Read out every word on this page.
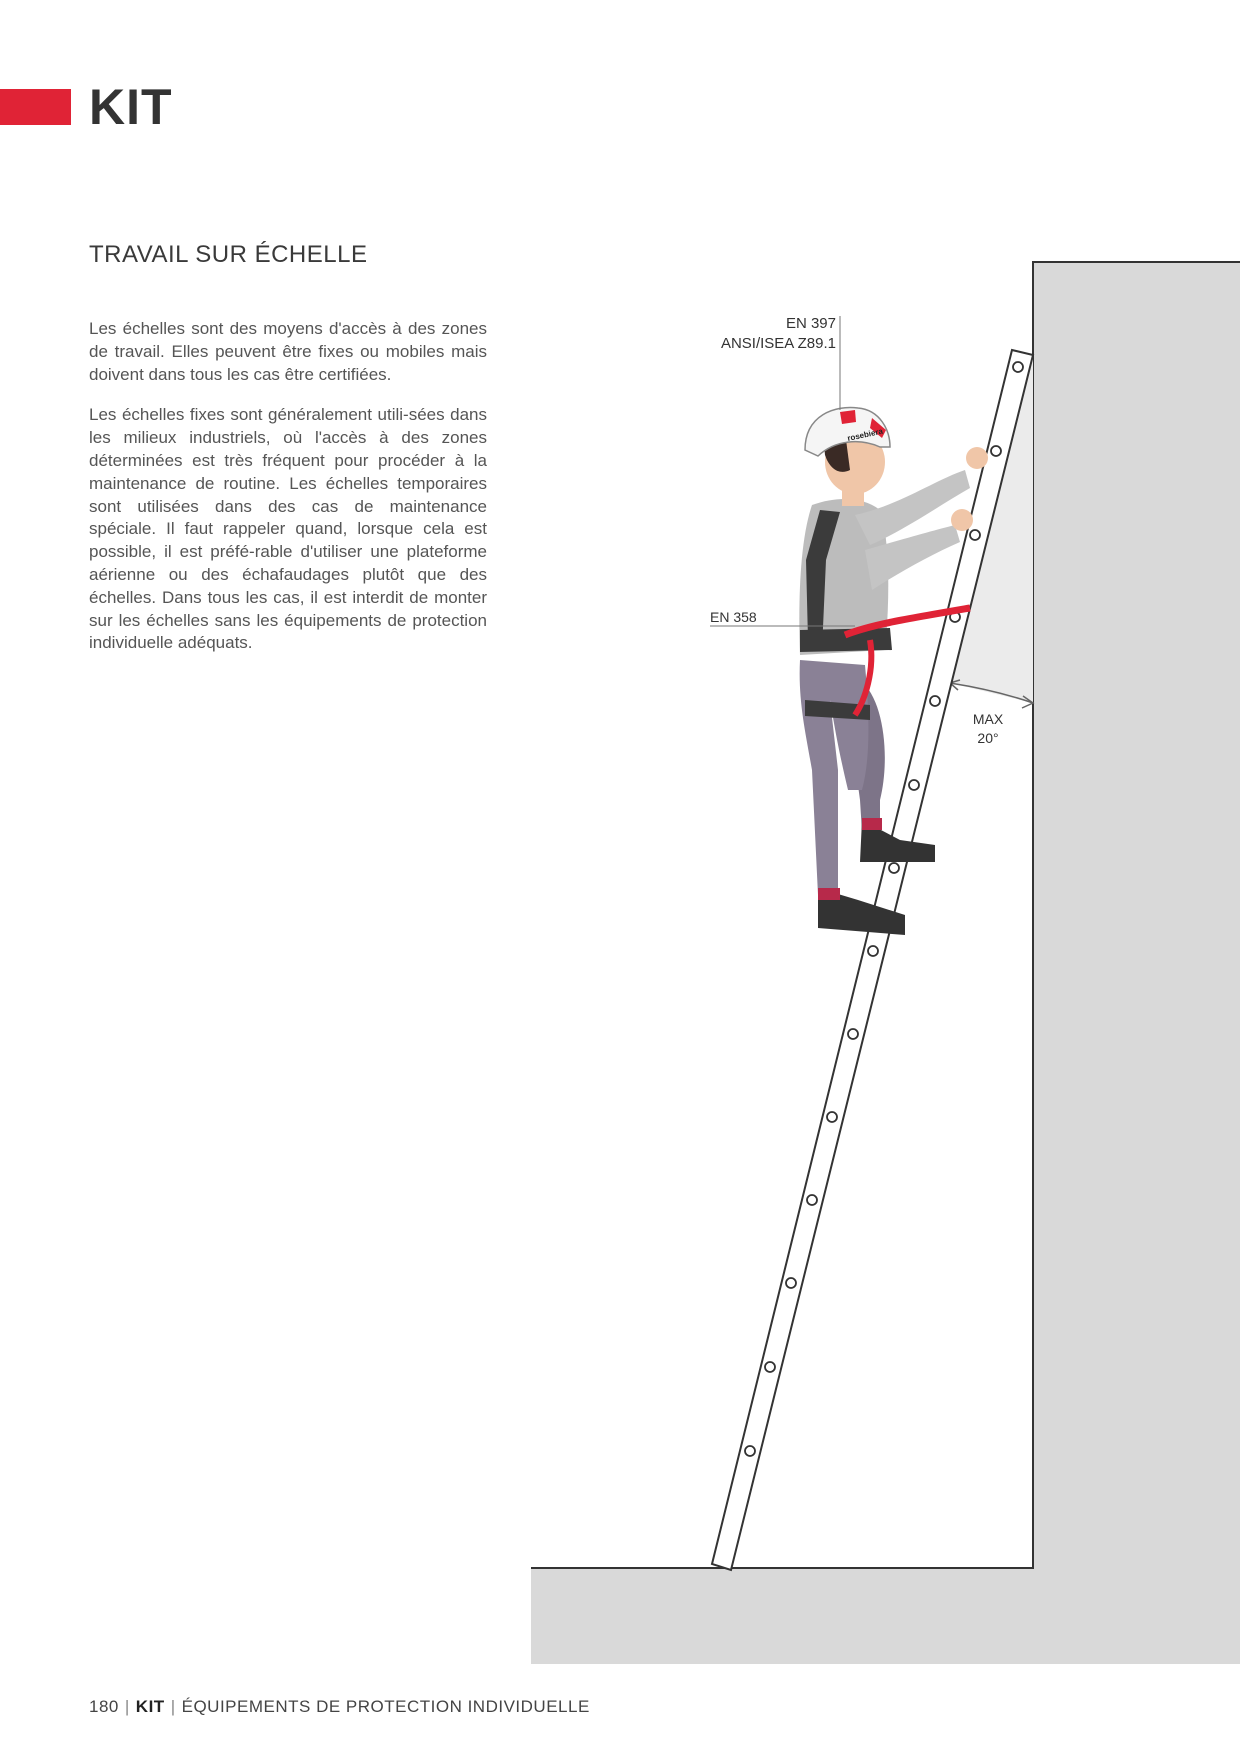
KIT
TRAVAIL SUR ÉCHELLE

Les échelles sont des moyens d'accès à des zones de travail. Elles peuvent être fixes ou mobiles mais doivent dans tous les cas être certifiées.

Les échelles fixes sont généralement utili-sées dans les milieux industriels, où l'accès à des zones déterminées est très fréquent pour procéder à la maintenance de routine. Les échelles temporaires sont utilisées dans des cas de maintenance spéciale. Il faut rappeler quand, lorsque cela est possible, il est préfé-rable d'utiliser une plateforme aérienne ou des échafaudages plutôt que des échelles. Dans tous les cas, il est interdit de monter sur les échelles sans les équipements de protection individuelle adéquats.

MAX
20°
rosebiera
EN 397
ANSI/ISEA Z89.1
EN 358
180 | KIT | ÉQUIPEMENTS DE PROTECTION INDIVIDUELLE
